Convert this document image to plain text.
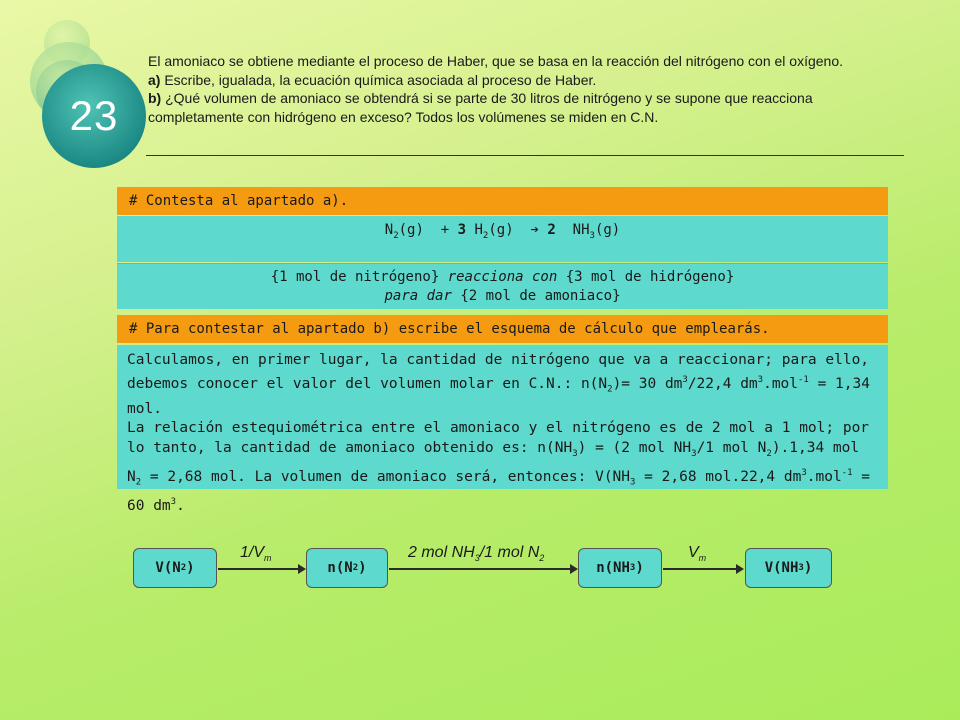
23

El amoniaco se obtiene mediante el proceso de Haber, que se basa en la reacción del nitrógeno con el oxígeno.

a) Escribe, igualada, la ecuación química asociada al proceso de Haber.

b) ¿Qué volumen de amoniaco se obtendrá si se parte de 30 litros de nitrógeno y se supone que reacciona completamente con hidrógeno en exceso? Todos los volúmenes se miden en C.N.

# Contesta al apartado a).
$N_2(g) + 3$ $H_2(g)$  ➔ 2  $NH_3(g)$
{1 mol de nitrógeno} reacciona con {3 mol de hidrógeno}
para dar {2 mol de amoniaco}
# Para contestar al apartado b) escribe el esquema de cálculo que emplearás.

Calculamos, en primer lugar, la cantidad de nitrógeno que va a reaccionar; para ello, debemos conocer el valor del volumen molar en C.N.: $n(N_2)= 30$ $dm^3/22,4$ $dm^3.mol^{-1} = 1,34$ mol.

La relación estequiométrica entre el amoniaco y el nitrógeno es de 2 mol a 1 mol; por lo tanto, la cantidad de amoniaco obtenido es: $n(NH_3) = (2$ mol $NH_3/1$ mol $N_2).1,34$ mol $N_2 = 2,68$ mol. La volumen de amoniaco será, entonces: $V(NH_3 = 2,68$ mol.22,4 $dm^3.mol^{-1} = 60$ $dm^3$.

V(N 2 )
$1/V_m$
n(N 2 )
2 mol $NH_3/1$ mol $N_2$
n(NH 3 )
$V_m$
V(NH 3 )
